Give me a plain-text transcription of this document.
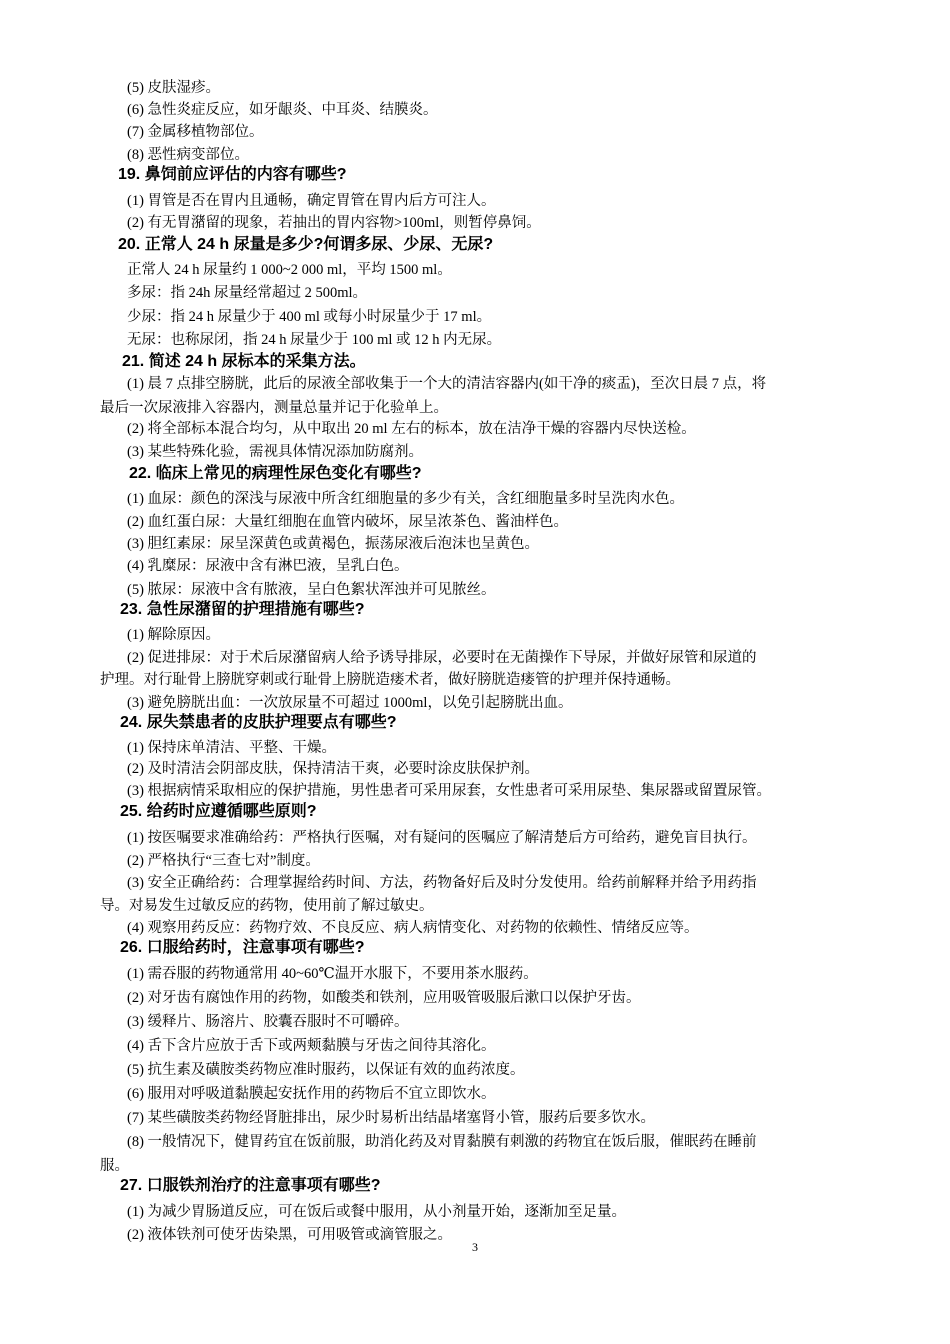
(5) 皮肤湿疹。
(6) 急性炎症反应，如牙龈炎、中耳炎、结膜炎。
(7) 金属移植物部位。
(8) 恶性病变部位。
19. 鼻饲前应评估的内容有哪些?
(1) 胃管是否在胃内且通畅，确定胃管在胃内后方可注人。
(2) 有无胃潴留的现象，若抽出的胃内容物>100ml，则暂停鼻饲。
20. 正常人 24 h 尿量是多少?何谓多尿、少尿、无尿?
正常人 24 h 尿量约 1 000~2 000 ml，平均 1500 ml。
多尿：指 24h 尿量经常超过 2 500ml。
少尿：指 24 h 尿量少于 400 ml 或每小时尿量少于 17 ml。
无尿：也称尿闭，指 24 h 尿量少于 100 ml 或 12 h 内无尿。
21. 简述 24 h 尿标本的采集方法。
(1) 晨 7 点排空膀胱，此后的尿液全部收集于一个大的清洁容器内(如干净的痰盂)，至次日晨 7 点，将
最后一次尿液排入容器内，测量总量并记于化验单上。
(2) 将全部标本混合均匀，从中取出 20 ml 左右的标本，放在洁净干燥的容器内尽快送检。
(3) 某些特殊化验，需视具体情况添加防腐剂。
22. 临床上常见的病理性尿色变化有哪些?
(1) 血尿：颜色的深浅与尿液中所含红细胞量的多少有关，含红细胞量多时呈洗肉水色。
(2) 血红蛋白尿：大量红细胞在血管内破坏，尿呈浓茶色、酱油样色。
(3) 胆红素尿：尿呈深黄色或黄褐色，振荡尿液后泡沫也呈黄色。
(4) 乳糜尿：尿液中含有淋巴液，呈乳白色。
(5) 脓尿：尿液中含有脓液，呈白色絮状浑浊并可见脓丝。
23. 急性尿潴留的护理措施有哪些?
(1) 解除原因。
(2) 促进排尿：对于术后尿潴留病人给予诱导排尿，必要时在无菌操作下导尿，并做好尿管和尿道的
护理。对行耻骨上膀胱穿刺或行耻骨上膀胱造瘘术者，做好膀胱造瘘管的护理并保持通畅。
(3) 避免膀胱出血：一次放尿量不可超过 1000ml，以免引起膀胱出血。
24. 尿失禁患者的皮肤护理要点有哪些?
(1) 保持床单清洁、平整、干燥。
(2) 及时清洁会阴部皮肤，保持清洁干爽，必要时涂皮肤保护剂。
(3) 根据病情采取相应的保护措施，男性患者可采用尿套，女性患者可采用尿垫、集尿器或留置尿管。
25. 给药时应遵循哪些原则?
(1) 按医嘱要求准确给药：严格执行医嘱，对有疑问的医嘱应了解清楚后方可给药，避免盲目执行。
(2) 严格执行“三查七对”制度。
(3) 安全正确给药：合理掌握给药时间、方法，药物备好后及时分发使用。给药前解释并给予用药指
导。对易发生过敏反应的药物，使用前了解过敏史。
(4) 观察用药反应：药物疗效、不良反应、病人病情变化、对药物的依赖性、情绪反应等。
26. 口服给药时，注意事项有哪些?
(1) 需吞服的药物通常用 40~60℃温开水服下，不要用茶水服药。
(2) 对牙齿有腐蚀作用的药物，如酸类和铁剂，应用吸管吸服后漱口以保护牙齿。
(3) 缓释片、肠溶片、胶囊吞服时不可嚼碎。
(4) 舌下含片应放于舌下或两颊黏膜与牙齿之间待其溶化。
(5) 抗生素及磺胺类药物应准时服药，以保证有效的血药浓度。
(6) 服用对呼吸道黏膜起安抚作用的药物后不宜立即饮水。
(7) 某些磺胺类药物经肾脏排出，尿少时易析出结晶堵塞肾小管，服药后要多饮水。
(8) 一般情况下，健胃药宜在饭前服，助消化药及对胃黏膜有刺激的药物宜在饭后服，催眠药在睡前
服。
27. 口服铁剂治疗的注意事项有哪些?
(1) 为减少胃肠道反应，可在饭后或餐中服用，从小剂量开始，逐渐加至足量。
(2) 液体铁剂可使牙齿染黑，可用吸管或滴管服之。
3
